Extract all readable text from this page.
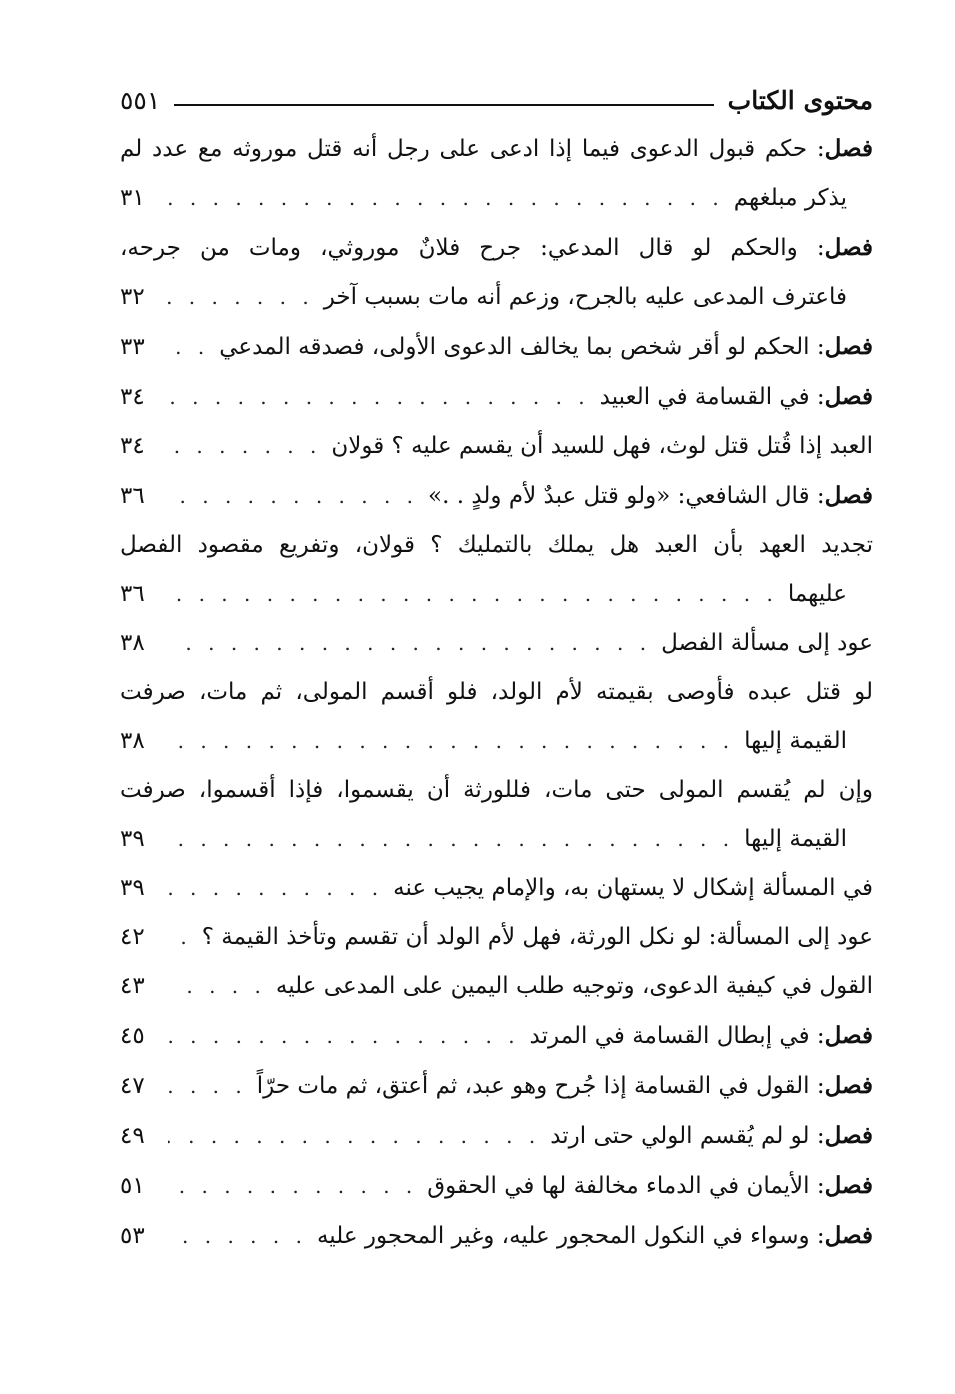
محتوى الكتاب
٥٥١
فصل : حكم قبول الدعوى فيما إذا ادعى على رجل أنه قتل موروثه مع عدد لم
يذكر مبلغهم
. . .
٣١
فصل : والحكم لو قال المدعي: جرح فلانٌ موروثي، ومات من جرحه،
فاعترف المدعى عليه بالجرح، وزعم أنه مات بسبب آخر
. . .
٣٢
فصل : الحكم لو أقر شخص بما يخالف الدعوى الأولى، فصدقه المدعي
. . .
٣٣
فصل : في القسامة في العبيد
. . .
٣٤
العبد إذا قُتل قتل لوث، فهل للسيد أن يقسم عليه ؟ قولان
. . .
٣٤
فصل : قال الشافعي: «ولو قتل عبدٌ لأم ولدٍ . .»
. . .
٣٦
تجديد العهد بأن العبد هل يملك بالتمليك ؟ قولان، وتفريع مقصود الفصل
عليهما
. . .
٣٦
عود إلى مسألة الفصل
. . .
٣٨
لو قتل عبده فأوصى بقيمته لأم الولد، فلو أقسم المولى، ثم مات، صرفت
القيمة إليها
. . .
٣٨
وإن لم يُقسم المولى حتى مات، فللورثة أن يقسموا، فإذا أقسموا، صرفت
القيمة إليها
. . .
٣٩
في المسألة إشكال لا يستهان به، والإمام يجيب عنه
. . .
٣٩
عود إلى المسألة: لو نكل الورثة، فهل لأم الولد أن تقسم وتأخذ القيمة ؟
. . .
٤٢
القول في كيفية الدعوى، وتوجيه طلب اليمين على المدعى عليه
. . .
٤٣
فصل : في إبطال القسامة في المرتد
. . .
٤٥
فصل : القول في القسامة إذا جُرح وهو عبد، ثم أعتق، ثم مات حرّاً
. . .
٤٧
فصل : لو لم يُقسم الولي حتى ارتد
. . .
٤٩
فصل : الأيمان في الدماء مخالفة لها في الحقوق
. . .
٥١
فصل : وسواء في النكول المحجور عليه، وغير المحجور عليه
. . .
٥٣
